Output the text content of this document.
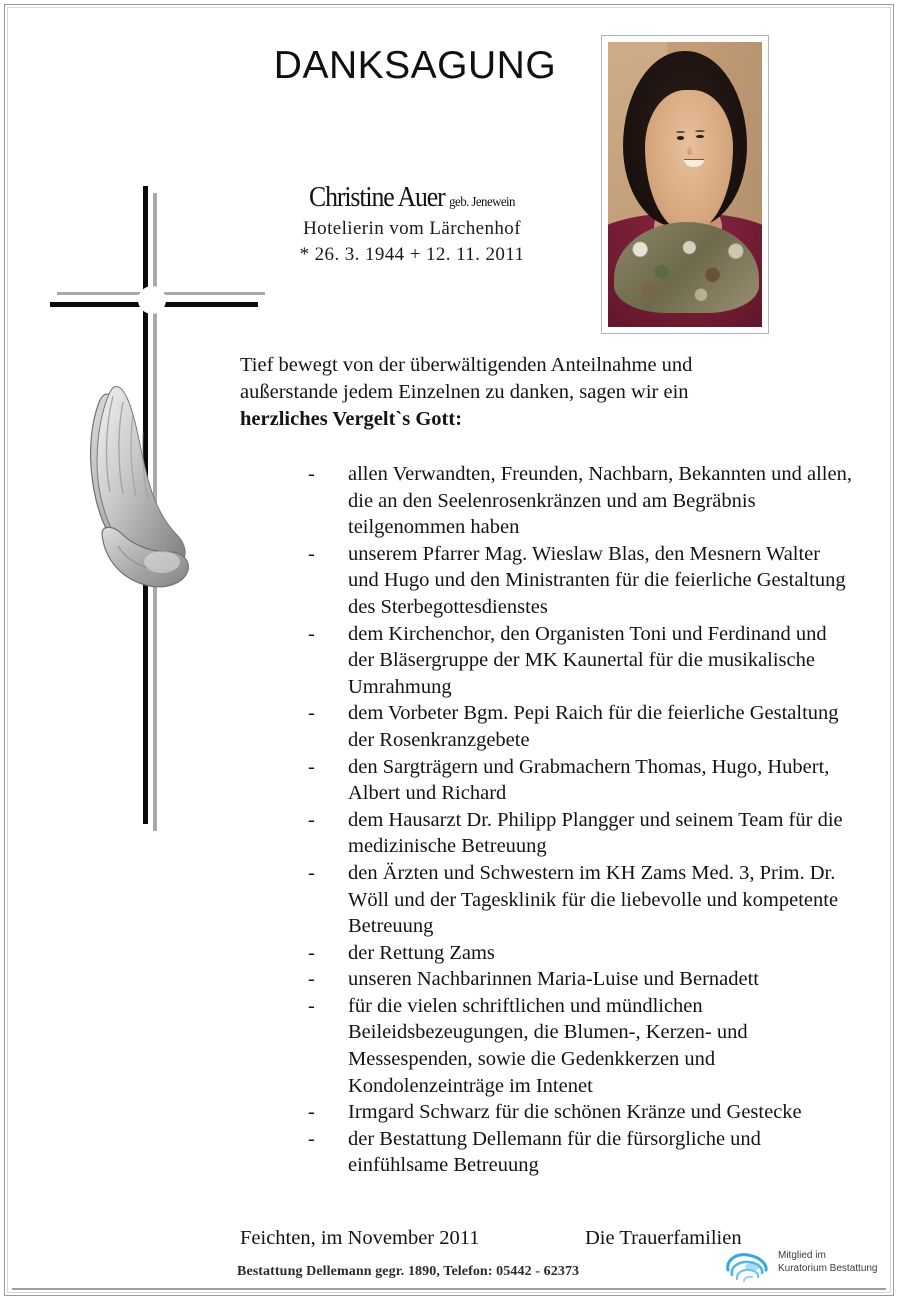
DANKSAGUNG
Christine Auer geb. Jenewein
Hotelierin vom Lärchenhof
* 26. 3. 1944 + 12. 11. 2011
Tief bewegt von der überwältigenden Anteilnahme und
außerstande jedem Einzelnen zu danken, sagen wir ein
herzliches Vergelt`s Gott:
-	allen Verwandten, Freunden, Nachbarn, Bekannten und allen, die an den Seelenrosenkränzen und am Begräbnis teilgenommen haben
-	unserem Pfarrer Mag. Wieslaw Blas, den Mesnern Walter und Hugo und den Ministranten für die feierliche Gestaltung des Sterbegottesdienstes
-	dem Kirchenchor, den Organisten Toni und Ferdinand und der Bläsergruppe der MK Kaunertal für die musikalische Umrahmung
-	dem Vorbeter Bgm. Pepi Raich für die feierliche Gestaltung der Rosenkranzgebete
-	den Sargträgern und Grabmachern Thomas, Hugo, Hubert, Albert und Richard
-	dem Hausarzt Dr. Philipp Plangger und seinem Team für die medizinische Betreuung
-	den Ärzten und Schwestern im KH Zams Med. 3, Prim. Dr. Wöll und der Tagesklinik für die liebevolle und kompetente Betreuung
-	der Rettung Zams
-	unseren Nachbarinnen Maria-Luise und Bernadett
-	für die vielen schriftlichen und mündlichen Beileidsbezeugungen, die Blumen-, Kerzen- und Messespenden, sowie die Gedenkkerzen und Kondolenzeinträge im Intenet
-	Irmgard Schwarz für die schönen Kränze und Gestecke
-	der Bestattung Dellemann für die fürsorgliche und einfühlsame Betreuung
Feichten, im November 2011	Die Trauerfamilien
Bestattung Dellemann gegr. 1890, Telefon: 05442 - 62373
Mitglied im
Kuratorium Bestattung
